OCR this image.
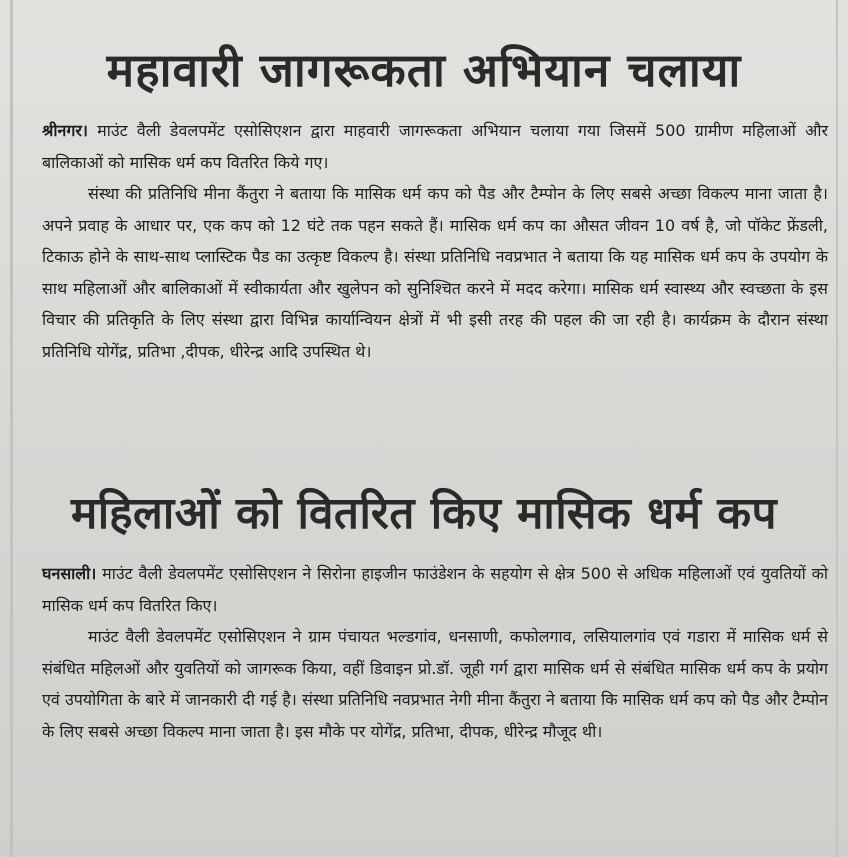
महावारी जागरूकता अभियान चलाया

श्रीनगर। माउंट वैली डेवलपमेंट एसोसिएशन द्वारा माहवारी जागरूकता अभियान चलाया गया जिसमें 500 ग्रामीण महिलाओं और बालिकाओं को मासिक धर्म कप वितरित किये गए।

संस्था की प्रतिनिधि मीना कैंतुरा ने बताया कि मासिक धर्म कप को पैड और टैम्पोन के लिए सबसे अच्छा विकल्प माना जाता है। अपने प्रवाह के आधार पर, एक कप को 12 घंटे तक पहन सकते हैं। मासिक धर्म कप का औसत जीवन 10 वर्ष है, जो पॉकेट फ्रेंडली, टिकाऊ होने के साथ-साथ प्लास्टिक पैड का उत्कृष्ट विकल्प है। संस्था प्रतिनिधि नवप्रभात ने बताया कि यह मासिक धर्म कप के उपयोग के साथ महिलाओं और बालिकाओं में स्वीकार्यता और खुलेपन को सुनिश्चित करने में मदद करेगा। मासिक धर्म स्वास्थ्य और स्वच्छता के इस विचार की प्रतिकृति के लिए संस्था द्वारा विभिन्न कार्यान्वियन क्षेत्रों में भी इसी तरह की पहल की जा रही है। कार्यक्रम के दौरान संस्था प्रतिनिधि योगेंद्र, प्रतिभा ,दीपक, धीरेन्द्र आदि उपस्थित थे।

महिलाओं को वितरित किए मासिक धर्म कप

घनसाली। माउंट वैली डेवलपमेंट एसोसिएशन ने सिरोना हाइजीन फाउंडेशन के सहयोग से क्षेत्र 500 से अधिक महिलाओं एवं युवतियों को मासिक धर्म कप वितरित किए।

माउंट वैली डेवलपमेंट एसोसिएशन ने ग्राम पंचायत भल्डगांव, धनसाणी, कफोलगाव, लसियालगांव एवं गडारा में मासिक धर्म से संबंधित महिलओं और युवतियों को जागरूक किया, वहीं डिवाइन प्रो.डॉ. जूही गर्ग द्वारा मासिक धर्म से संबंधित मासिक धर्म कप के प्रयोग एवं उपयोगिता के बारे में जानकारी दी गई है। संस्था प्रतिनिधि नवप्रभात नेगी मीना कैंतुरा ने बताया कि मासिक धर्म कप को पैड और टैम्पोन के लिए सबसे अच्छा विकल्प माना जाता है। इस मौके पर योगेंद्र, प्रतिभा, दीपक, धीरेन्द्र मौजूद थी।
